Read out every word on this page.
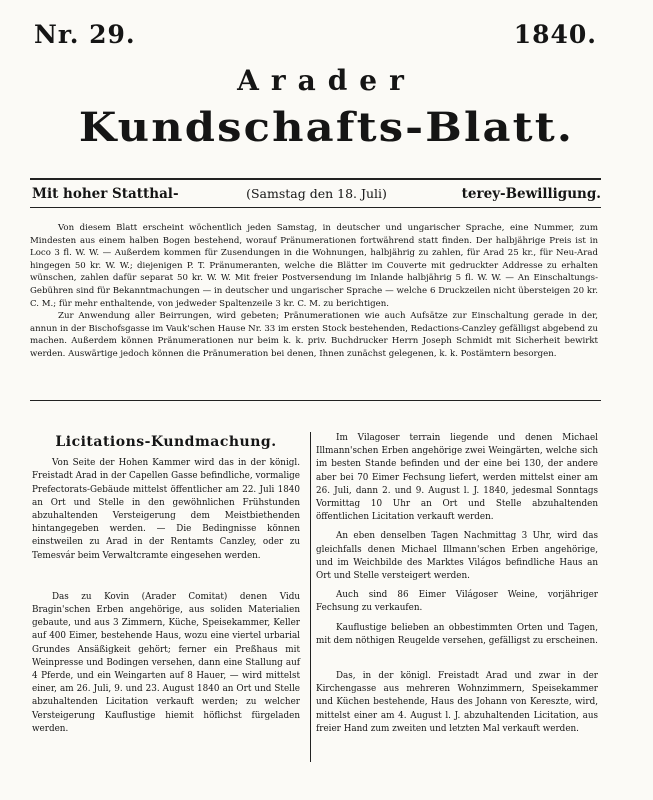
Nr. 29.	1840.
Arader
Kundschafts-Blatt.
Mit hoher Statthal-	(Samstag den 18. Juli)	terey-Bewilligung.

Von diesem Blatt erscheint wöchentlich jeden Samstag, in deutscher und ungarischer Sprache, eine Nummer, zum Mindesten aus einem halben Bogen bestehend, worauf Pränumerationen fortwährend statt finden. Der halbjährige Preis ist in Loco 3 fl. W. W. — Außerdem kommen für Zusendungen in die Wohnungen, halbjährig zu zahlen, für Arad 25 kr., für Neu-Arad hingegen 50 kr. W. W.; diejenigen P. T. Pränumeranten, welche die Blätter im Couverte mit gedruckter Addresse zu erhalten wünschen, zahlen dafür separat 50 kr. W. W. Mit freier Postversendung im Inlande halbjährig 5 fl. W. W. — An Einschaltungs-Gebühren sind für Bekanntmachungen — in deutscher und ungarischer Sprache — welche 6 Druckzeilen nicht übersteigen 20 kr. C. M.; für mehr enthaltende, von jedweder Spaltenzeile 3 kr. C. M. zu berichtigen.

Zur Anwendung aller Beirrungen, wird gebeten; Pränumerationen wie auch Aufsätze zur Einschaltung gerade in der, annun in der Bischofsgasse im Vauk'schen Hause Nr. 33 im ersten Stock bestehenden, Redactions-Canzley gefälligst abgebend zu machen. Außerdem können Pränumerationen nur beim k. k. priv. Buchdrucker Herrn Joseph Schmidt mit Sicherheit bewirkt werden. Auswärtige jedoch können die Pränumeration bei denen, Ihnen zunächst gelegenen, k. k. Postämtern besorgen.

Licitations-Kundmachung.

Von Seite der Hohen Kammer wird das in der königl. Freistadt Arad in der Capellen Gasse befindliche, vormalige Prefectorats-Gebäude mittelst öffentlicher am 22. Juli 1840 an Ort und Stelle in den gewöhnlichen Frühstunden abzuhaltenden Versteigerung dem Meistbiethenden hintangegeben werden. — Die Bedingnisse können einstweilen zu Arad in der Rentamts Canzley, oder zu Temesvár beim Verwaltcramte eingesehen werden.

Das zu Kovin (Arader Comitat) denen Vidu Bragin'schen Erben angehörige, aus soliden Materialien gebaute, und aus 3 Zimmern, Küche, Speisekammer, Keller auf 400 Eimer, bestehende Haus, wozu eine viertel urbarial Grundes Ansäßigkeit gehört; ferner ein Preßhaus mit Weinpresse und Bodingen versehen, dann eine Stallung auf 4 Pferde, und ein Weingarten auf 8 Hauer, — wird mittelst einer, am 26. Juli, 9. und 23. August 1840 an Ort und Stelle abzuhaltenden Licitation verkauft werden; zu welcher Versteigerung Kauflustige hiemit höflichst fürgeladen werden.

Im Vilagoser terrain liegende und denen Michael Illmann'schen Erben angehörige zwei Weingärten, welche sich im besten Stande befinden und der eine bei 130, der andere aber bei 70 Eimer Fechsung liefert, werden mittelst einer am 26. Juli, dann 2. und 9. August l. J. 1840, jedesmal Sonntags Vormittag 10 Uhr an Ort und Stelle abzuhaltenden öffentlichen Licitation verkauft werden.

An eben denselben Tagen Nachmittag 3 Uhr, wird das gleichfalls denen Michael Illmann'schen Erben angehörige, und im Weichbilde des Marktes Világos befindliche Haus an Ort und Stelle versteigert werden.

Auch sind 86 Eimer Világoser Weine, vorjähriger Fechsung zu verkaufen.

Kauflustige belieben an obbestimmten Orten und Tagen, mit dem nöthigen Reugelde versehen, gefälligst zu erscheinen.

Das, in der königl. Freistadt Arad und zwar in der Kirchengasse aus mehreren Wohnzimmern, Speisekammer und Küchen bestehende, Haus des Johann von Kereszte, wird, mittelst einer am 4. August l. J. abzuhaltenden Licitation, aus freier Hand zum zweiten und letzten Mal verkauft werden.
